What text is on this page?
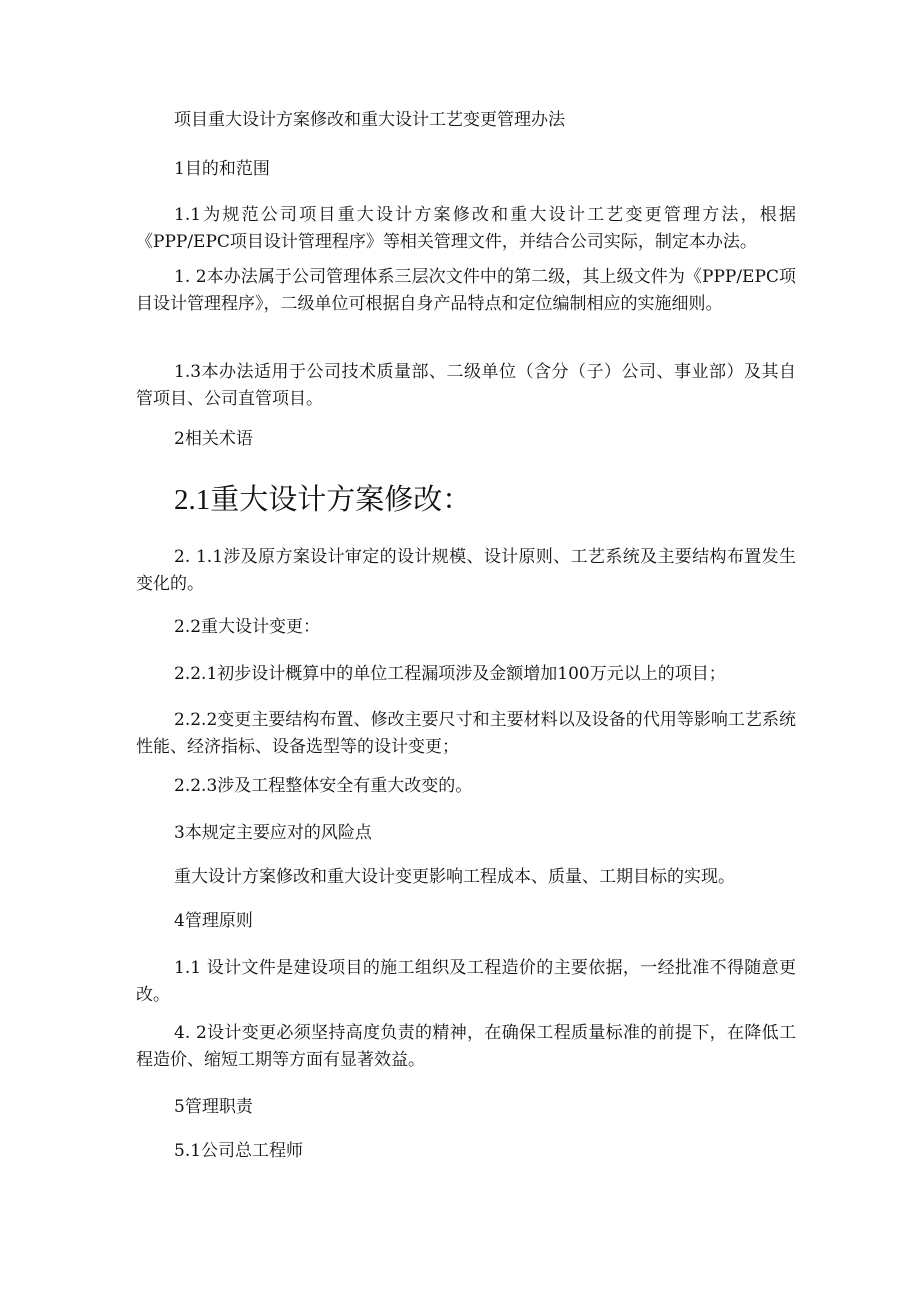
项目重大设计方案修改和重大设计工艺变更管理办法

1目的和范围

1.1为规范公司项目重大设计方案修改和重大设计工艺变更管理方法，根据《PPP/EPC项目设计管理程序》等相关管理文件，并结合公司实际，制定本办法。

1. 2本办法属于公司管理体系三层次文件中的第二级，其上级文件为《PPP/EPC项目设计管理程序》，二级单位可根据自身产品特点和定位编制相应的实施细则。

1.3本办法适用于公司技术质量部、二级单位（含分（子）公司、事业部）及其自管项目、公司直管项目。

2相关术语

2.1重大设计方案修改：

2. 1.1涉及原方案设计审定的设计规模、设计原则、工艺系统及主要结构布置发生变化的。

2.2重大设计变更：

2.2.1初步设计概算中的单位工程漏项涉及金额增加100万元以上的项目；

2.2.2变更主要结构布置、修改主要尺寸和主要材料以及设备的代用等影响工艺系统性能、经济指标、设备选型等的设计变更；

2.2.3涉及工程整体安全有重大改变的。

3本规定主要应对的风险点

重大设计方案修改和重大设计变更影响工程成本、质量、工期目标的实现。

4管理原则

1.1 设计文件是建设项目的施工组织及工程造价的主要依据，一经批准不得随意更改。

4. 2设计变更必须坚持高度负责的精神，在确保工程质量标准的前提下，在降低工程造价、缩短工期等方面有显著效益。

5管理职责

5.1公司总工程师
